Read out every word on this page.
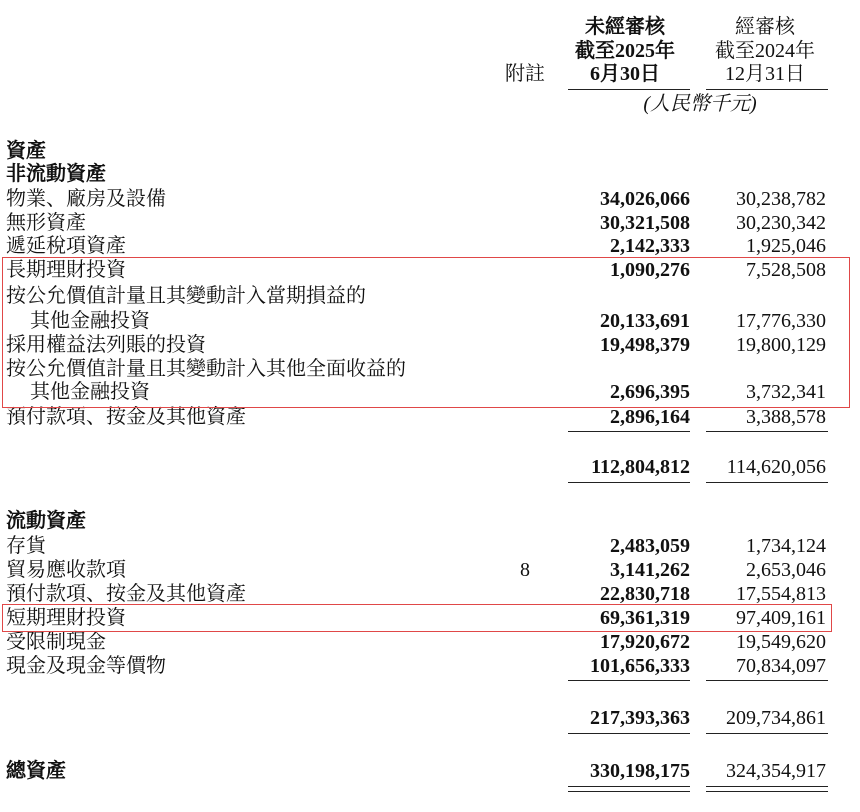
未經審核
截至2025年
6月30日
經審核
截至2024年
12月31日
附註
(人民幣千元)
資產
非流動資產
物業、廠房及設備	34,026,066	30,238,782
無形資產	30,321,508	30,230,342
遞延稅項資產	2,142,333	1,925,046
長期理財投資	1,090,276	7,528,508
按公允價值計量且其變動計入當期損益的
其他金融投資	20,133,691	17,776,330
採用權益法列賬的投資	19,498,379	19,800,129
按公允價值計量且其變動計入其他全面收益的
其他金融投資	2,696,395	3,732,341
預付款項、按金及其他資產	2,896,164	3,388,578
112,804,812	114,620,056
流動資產
存貨	2,483,059	1,734,124
貿易應收款項	8	3,141,262	2,653,046
預付款項、按金及其他資產	22,830,718	17,554,813
短期理財投資	69,361,319	97,409,161
受限制現金	17,920,672	19,549,620
現金及現金等價物	101,656,333	70,834,097
217,393,363	209,734,861
總資產	330,198,175	324,354,917
